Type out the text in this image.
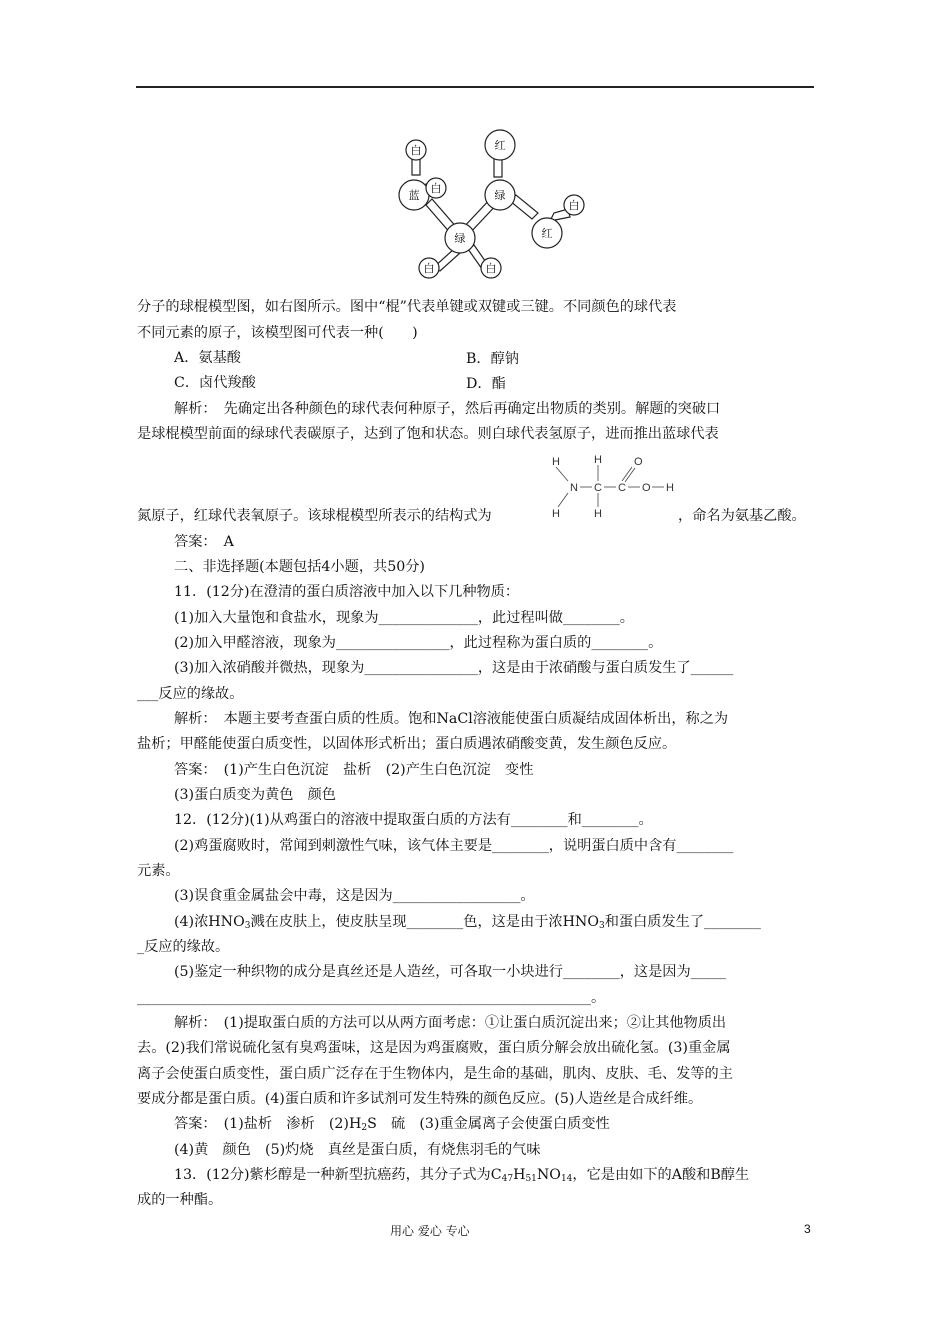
白
蓝
白
红
绿
绿
白	白
红
白
分子的球棍模型图，如右图所示。图中“棍”代表单键或双键或三键。不同颜色的球代表
不同元素的原子，该模型图可代表一种(　　)
A．氨基酸	B．醇钠
C．卤代羧酸	D．酯
解析：　先确定出各种颜色的球代表何种原子，然后再确定出物质的类别。解题的突破口
是球棍模型前面的绿球代表碳原子，达到了饱和状态。则白球代表氢原子，进而推出蓝球代表
H
N
H
H
C
H
C
O
O H
氮原子，红球代表氧原子。该球棍模型所表示的结构式为	，命名为氨基乙酸。
答案：　A
二、非选择题(本题包括4小题，共50分)
11．(12分)在澄清的蛋白质溶液中加入以下几种物质：
(1)加入大量饱和食盐水，现象为______________，此过程叫做________。
(2)加入甲醛溶液，现象为________________，此过程称为蛋白质的________。
(3)加入浓硝酸并微热，现象为________________，这是由于浓硝酸与蛋白质发生了______
___反应的缘故。
解析：　本题主要考查蛋白质的性质。饱和NaCl溶液能使蛋白质凝结成固体析出，称之为
盐析；甲醛能使蛋白质变性，以固体形式析出；蛋白质遇浓硝酸变黄，发生颜色反应。
答案：　(1)产生白色沉淀　盐析　(2)产生白色沉淀　变性
(3)蛋白质变为黄色　颜色
12．(12分)(1)从鸡蛋白的溶液中提取蛋白质的方法有________和________。
(2)鸡蛋腐败时，常闻到刺激性气味，该气体主要是________，说明蛋白质中含有________
元素。
(3)误食重金属盐会中毒，这是因为__________________。
(4)浓$HNO_3$溅在皮肤上，使皮肤呈现________色，这是由于浓$HNO_3$和蛋白质发生了________
_反应的缘故。
(5)鉴定一种织物的成分是真丝还是人造丝，可各取一小块进行________，这是因为_____
________________________________________________________________。
解析：　(1)提取蛋白质的方法可以从两方面考虑：①让蛋白质沉淀出来；②让其他物质出
去。(2)我们常说硫化氢有臭鸡蛋味，这是因为鸡蛋腐败，蛋白质分解会放出硫化氢。(3)重金属
离子会使蛋白质变性，蛋白质广泛存在于生物体内，是生命的基础，肌肉、皮肤、毛、发等的主
要成分都是蛋白质。(4)蛋白质和许多试剂可发生特殊的颜色反应。(5)人造丝是合成纤维。
答案：　(1)盐析　渗析　$(2)H_2S$　硫　(3)重金属离子会使蛋白质变性
(4)黄　颜色　(5)灼烧　真丝是蛋白质，有烧焦羽毛的气味
13．(12分)紫杉醇是一种新型抗癌药，其分子式为$C_{47}H_{51}NO_{14}$，它是由如下的A酸和B醇生
成的一种酯。
用心 爱心 专心	3
